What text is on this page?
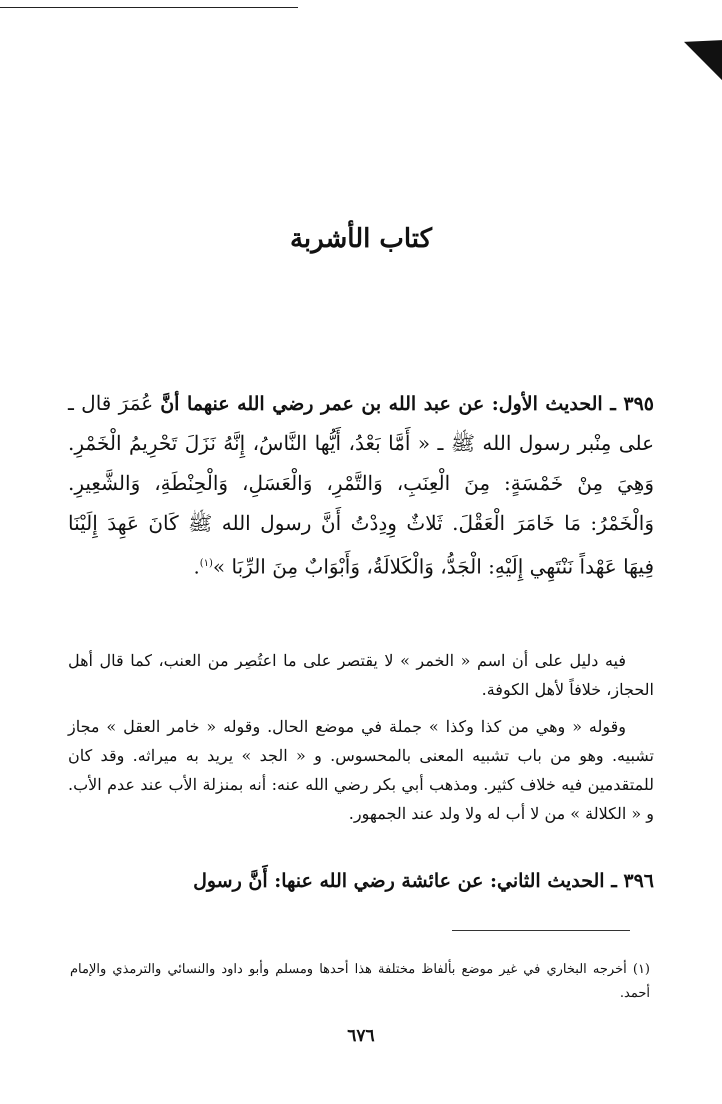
كتاب الأشربة
٣٩٥ ـ الحديث الأول: عن عبد الله بن عمر رضي الله عنهما أنَّ عُمَرَ قال ـ على مِنْبر رسول الله ﷺ ـ « أَمَّا بَعْدُ، أَيُّها النَّاسُ، إِنَّهُ نَزَلَ تَحْرِيمُ الْخَمْرِ. وَهِيَ مِنْ خَمْسَةٍ: مِنَ الْعِنَبِ، وَالتَّمْرِ، وَالْعَسَلِ، وَالْحِنْطَةِ، وَالشَّعِيرِ. وَالْخَمْرُ: مَا خَامَرَ الْعَقْلَ. ثَلاثٌ وِدِدْتُ أَنَّ رسول الله ﷺ كَانَ عَهِدَ إِلَيْنَا فِيهَا عَهْداً نَنْتَهِي إِلَيْهِ: الْجَدُّ، وَالْكَلالَةُ، وَأَبْوَابٌ مِنَ الرِّبَا »$^{(١)}$.

فيه دليل على أن اسم « الخمر » لا يقتصر على ما اعتُصِر من العنب، كما قال أهل الحجاز، خلافاً لأهل الكوفة.

وقوله « وهي من كذا وكذا » جملة في موضع الحال. وقوله « خامر العقل » مجاز تشبيه. وهو من باب تشبيه المعنى بالمحسوس. و « الجد » يريد به ميراثه. وقد كان للمتقدمين فيه خلاف كثير. ومذهب أبي بكر رضي الله عنه: أنه بمنزلة الأب عند عدم الأب. و « الكلالة » من لا أب له ولا ولد عند الجمهور.

٣٩٦ ـ الحديث الثاني: عن عائشة رضي الله عنها: أَنَّ رسول
(١) أخرجه البخاري في غير موضع بألفاظ مختلفة هذا أحدها ومسلم وأبو داود والنسائي والترمذي والإمام أحمد.
٦٧٦
